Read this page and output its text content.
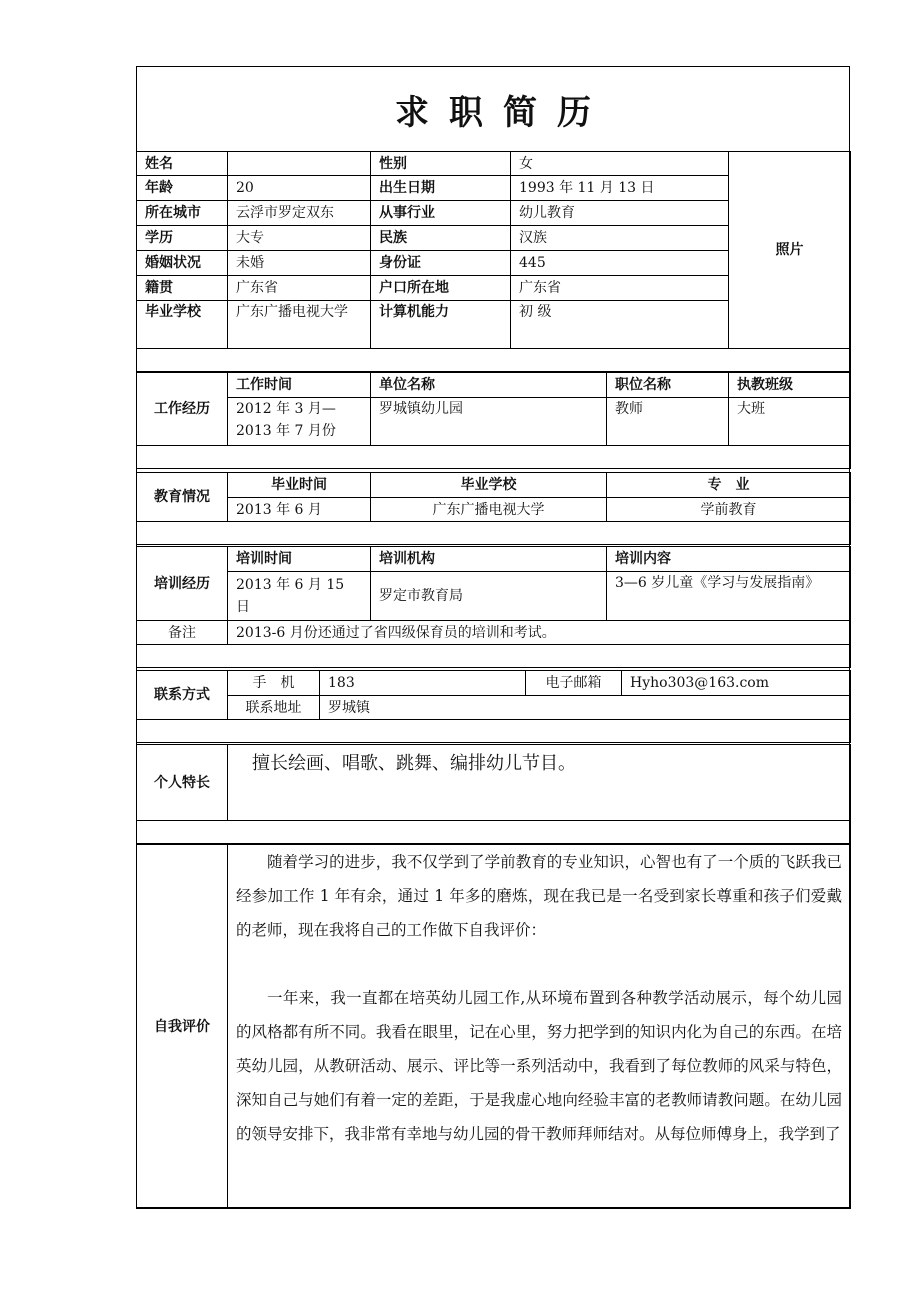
求职简历
姓名		性别	女	照片
年龄	20	出生日期	1993 年 11 月 13 日	
所在城市	云浮市罗定双东	从事行业	幼儿教育	
学历	大专	民族	汉族	
婚姻状况	未婚	身份证	445	
籍贯	广东省	户口所在地	广东省	
毕业学校	广东广播电视大学	计算机能力	初 级	

工作经历	工作时间	单位名称	职位名称	执教班级
	2012 年 3 月—2013 年 7 月份	罗城镇幼儿园	教师	大班

教育情况	毕业时间	毕业学校	专　业
	2013 年 6 月	广东广播电视大学	学前教育

培训经历	培训时间	培训机构	培训内容
	2013 年 6 月 15 日	罗定市教育局	3—6 岁儿童《学习与发展指南》
备注	2013-6 月份还通过了省四级保育员的培训和考试。		

联系方式	手　机	183	电子邮箱	Hyho303@163.com
	联系地址	罗城镇		

个人特长	擅长绘画、唱歌、跳舞、编排幼儿节目。

自我评价	

随着学习的进步，我不仅学到了学前教育的专业知识，心智也有了一个质的飞跃我已经参加工作 1 年有余，通过 1 年多的磨炼，现在我已是一名受到家长尊重和孩子们爱戴的老师，现在我将自己的工作做下自我评价：

一年来，我一直都在培英幼儿园工作,从环境布置到各种教学活动展示，每个幼儿园的风格都有所不同。我看在眼里，记在心里，努力把学到的知识内化为自己的东西。在培英幼儿园，从教研活动、展示、评比等一系列活动中，我看到了每位教师的风采与特色，深知自己与她们有着一定的差距，于是我虚心地向经验丰富的老教师请教问题。在幼儿园的领导安排下，我非常有幸地与幼儿园的骨干教师拜师结对。从每位师傅身上，我学到了
